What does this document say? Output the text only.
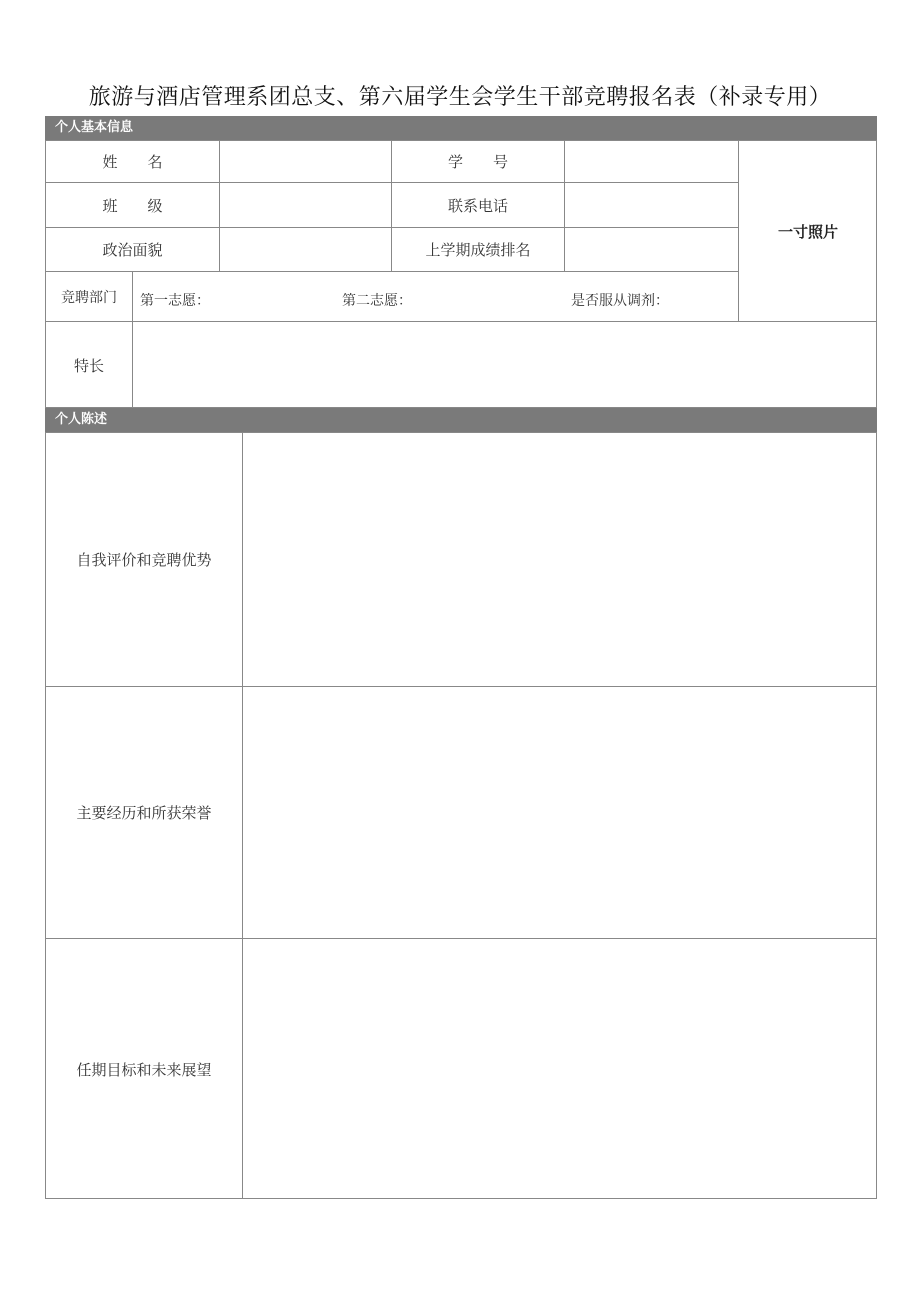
旅游与酒店管理系团总支、第六届学生会学生干部竞聘报名表（补录专用）
个人基本信息
姓名	学号
班级	联系电话
政治面貌	上学期成绩排名
一寸照片
竞聘部门	第一志愿：	第二志愿：	是否服从调剂：
特长
个人陈述
自我评价和竞聘优势
主要经历和所获荣誉
任期目标和未来展望
